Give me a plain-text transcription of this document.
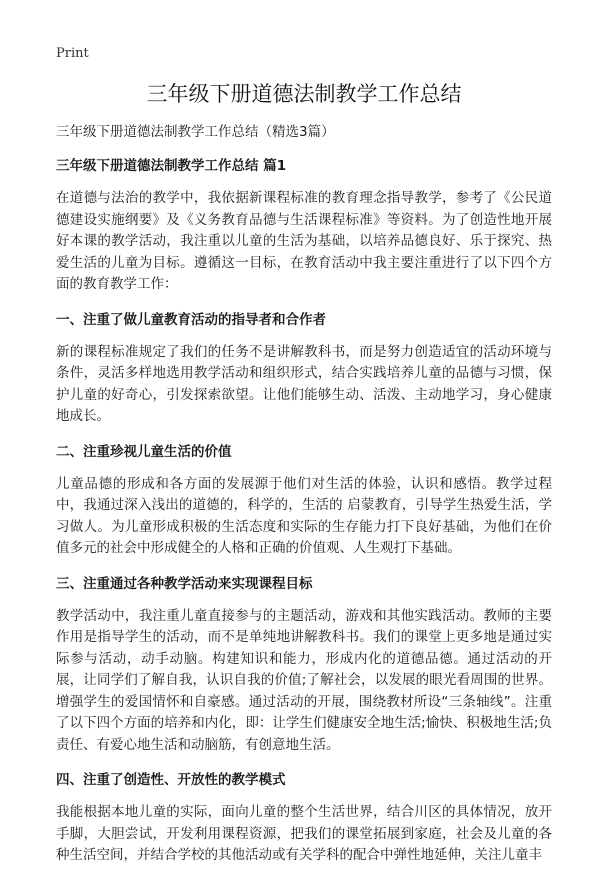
Print
三年级下册道德法制教学工作总结

三年级下册道德法制教学工作总结（精选3篇）

三年级下册道德法制教学工作总结 篇1

在道德与法治的教学中，我依据新课程标准的教育理念指导教学，参考了《公民道德建设实施纲要》及《义务教育品德与生活课程标准》等资料。为了创造性地开展好本课的教学活动，我注重以儿童的生活为基础，以培养品德良好、乐于探究、热爱生活的儿童为目标。遵循这一目标，在教育活动中我主要注重进行了以下四个方面的教育教学工作：

一、注重了做儿童教育活动的指导者和合作者

新的课程标准规定了我们的任务不是讲解教科书，而是努力创造适宜的活动环境与条件，灵活多样地选用教学活动和组织形式，结合实践培养儿童的品德与习惯，保护儿童的好奇心，引发探索欲望。让他们能够生动、活泼、主动地学习，身心健康地成长。

二、注重珍视儿童生活的价值

儿童品德的形成和各方面的发展源于他们对生活的体验，认识和感悟。教学过程中，我通过深入浅出的道德的，科学的，生活的 启蒙教育，引导学生热爱生活，学习做人。为儿童形成积极的生活态度和实际的生存能力打下良好基础，为他们在价值多元的社会中形成健全的人格和正确的价值观、人生观打下基础。

三、注重通过各种教学活动来实现课程目标

教学活动中，我注重儿童直接参与的主题活动，游戏和其他实践活动。教师的主要作用是指导学生的活动，而不是单纯地讲解教科书。我们的课堂上更多地是通过实际参与活动，动手动脑。构建知识和能力，形成内化的道德品德。通过活动的开展，让同学们了解自我，认识自我的价值;了解社会，以发展的眼光看周围的世界。增强学生的爱国情怀和自豪感。通过活动的开展，围绕教材所设“三条轴线”。注重了以下四个方面的培养和内化，即：让学生们健康安全地生活;愉快、积极地生活;负责任、有爱心地生活和动脑筋，有创意地生活。

四、注重了创造性、开放性的教学模式

我能根据本地儿童的实际，面向儿童的整个生活世界，结合川区的具体情况，放开手脚，大胆尝试，开发利用课程资源，把我们的课堂拓展到家庭，社会及儿童的各种生活空间，并结合学校的其他活动或有关学科的配合中弹性地延伸，关注儿童丰
